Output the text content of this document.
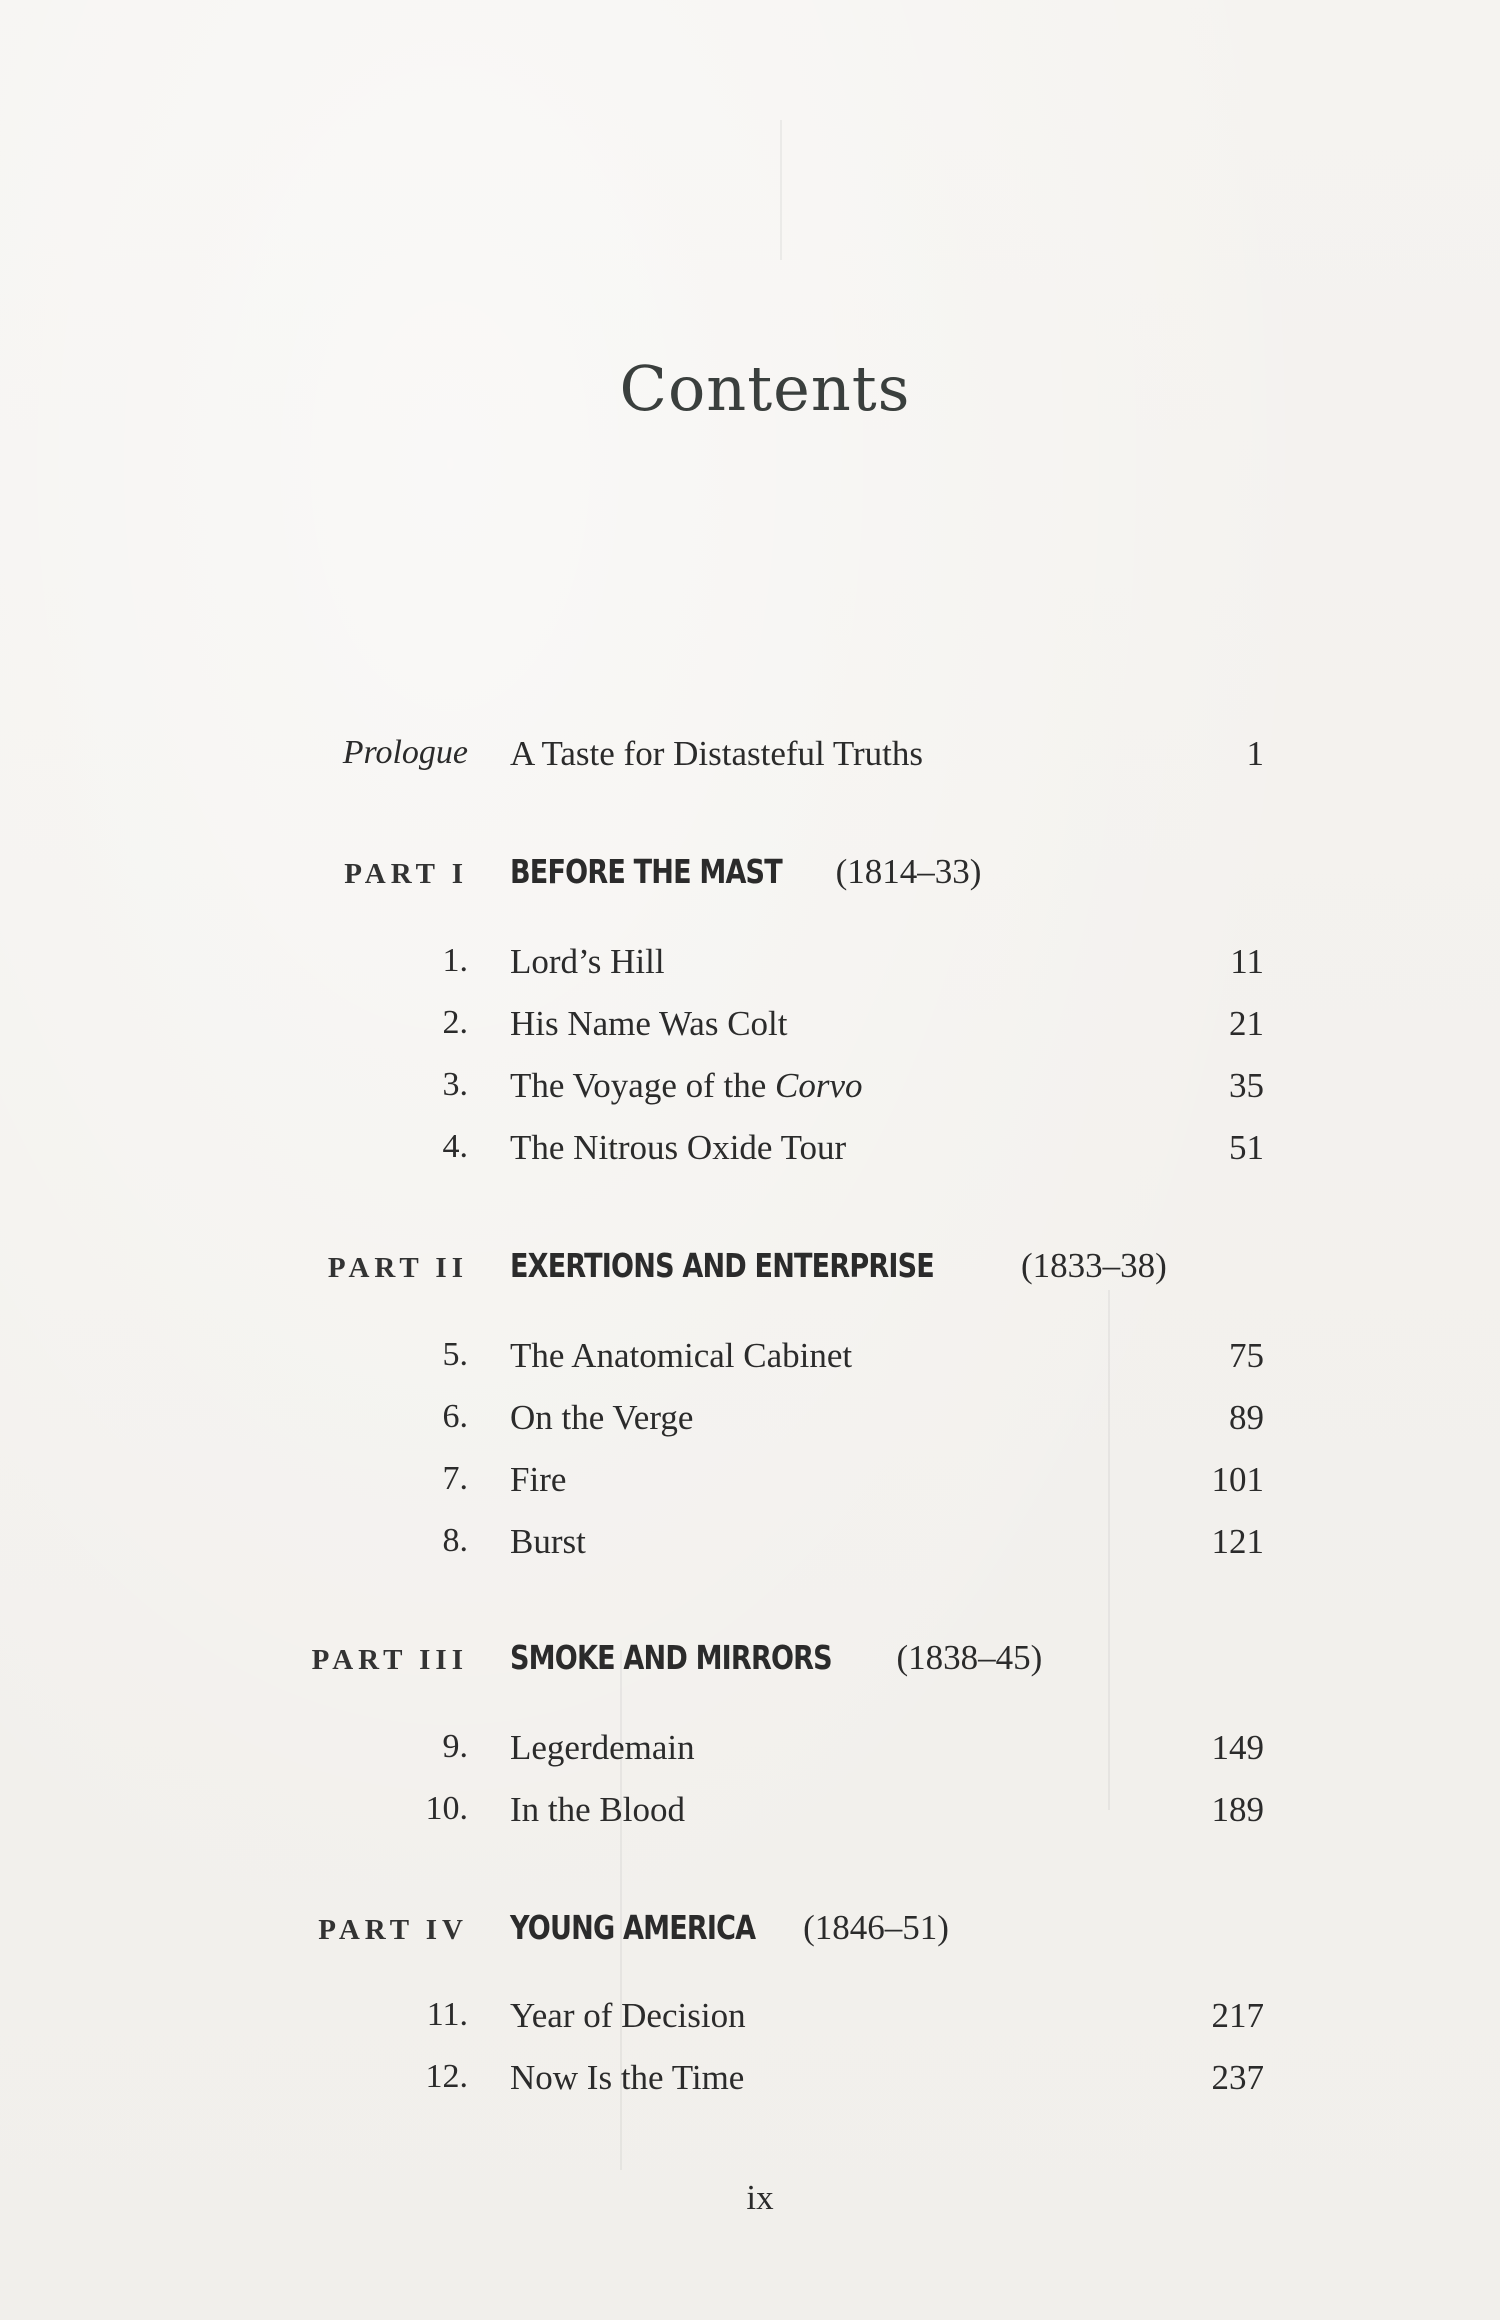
Contents
Prologue A Taste for Distasteful Truths	1
PART I BEFORE THE MAST (1814–33)
1. Lord’s Hill	11
2. His Name Was Colt	21
3. The Voyage of the Corvo	35
4. The Nitrous Oxide Tour	51
PART II EXERTIONS AND ENTERPRISE (1833–38)
5. The Anatomical Cabinet	75
6. On the Verge	89
7. Fire	101
8. Burst	121
PART III SMOKE AND MIRRORS (1838–45)
9. Legerdemain	149
10. In the Blood	189
PART IV YOUNG AMERICA (1846–51)
11. Year of Decision	217
12. Now Is the Time	237
ix
